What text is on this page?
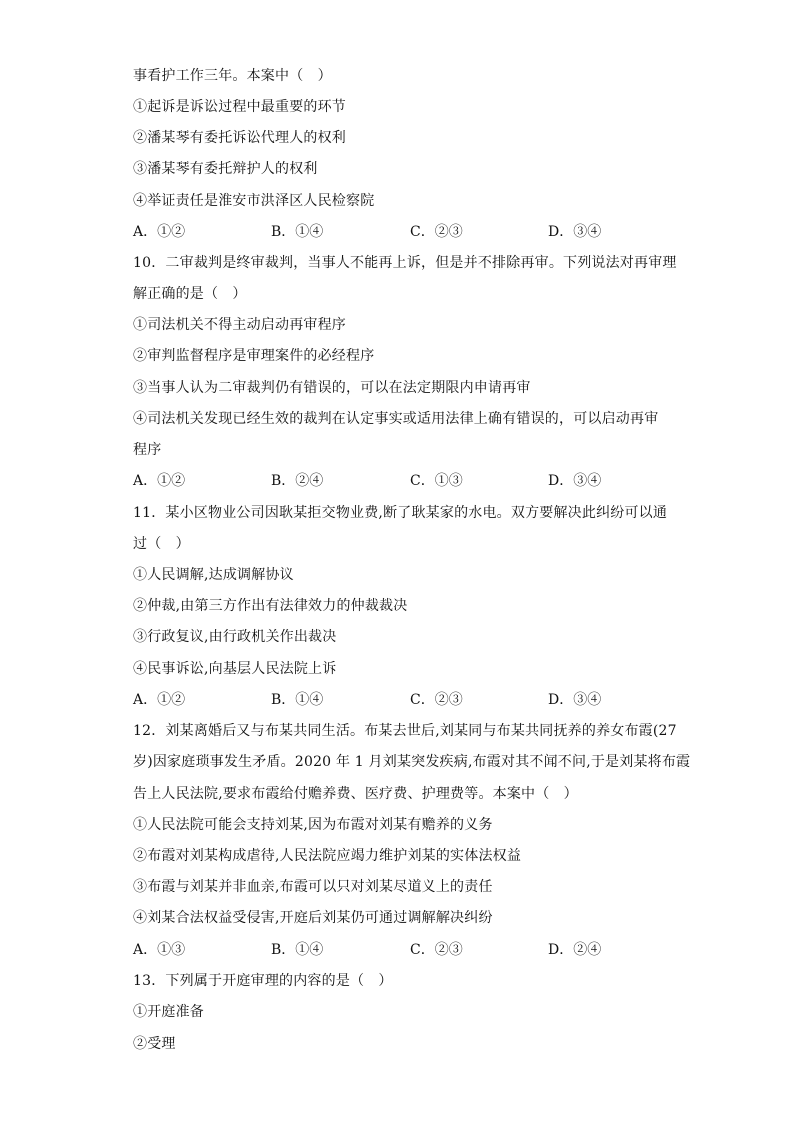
事看护工作三年。本案中（　）
①起诉是诉讼过程中最重要的环节
②潘某琴有委托诉讼代理人的权利
③潘某琴有委托辩护人的权利
④举证责任是淮安市洪泽区人民检察院
A．①②	B．①④	C．②③	D．③④
10．二审裁判是终审裁判，当事人不能再上诉，但是并不排除再审。下列说法对再审理
解正确的是（　）
①司法机关不得主动启动再审程序
②审判监督程序是审理案件的必经程序
③当事人认为二审裁判仍有错误的，可以在法定期限内申请再审
④司法机关发现已经生效的裁判在认定事实或适用法律上确有错误的，可以启动再审
程序
A．①②	B．②④	C．①③	D．③④
11．某小区物业公司因耿某拒交物业费,断了耿某家的水电。双方要解决此纠纷可以通
过（　）
①人民调解,达成调解协议
②仲裁,由第三方作出有法律效力的仲裁裁决
③行政复议,由行政机关作出裁决
④民事诉讼,向基层人民法院上诉
A．①②	B．①④	C．②③	D．③④
12．刘某离婚后又与布某共同生活。布某去世后,刘某同与布某共同抚养的养女布霞(27
岁)因家庭琐事发生矛盾。2020 年 1 月刘某突发疾病,布霞对其不闻不问,于是刘某将布霞
告上人民法院,要求布霞给付赡养费、医疗费、护理费等。本案中（　）
①人民法院可能会支持刘某,因为布霞对刘某有赡养的义务
②布霞对刘某构成虐待,人民法院应竭力维护刘某的实体法权益
③布霞与刘某并非血亲,布霞可以只对刘某尽道义上的责任
④刘某合法权益受侵害,开庭后刘某仍可通过调解解决纠纷
A．①③	B．①④	C．②③	D．②④
13．下列属于开庭审理的内容的是（　）
①开庭准备
②受理
